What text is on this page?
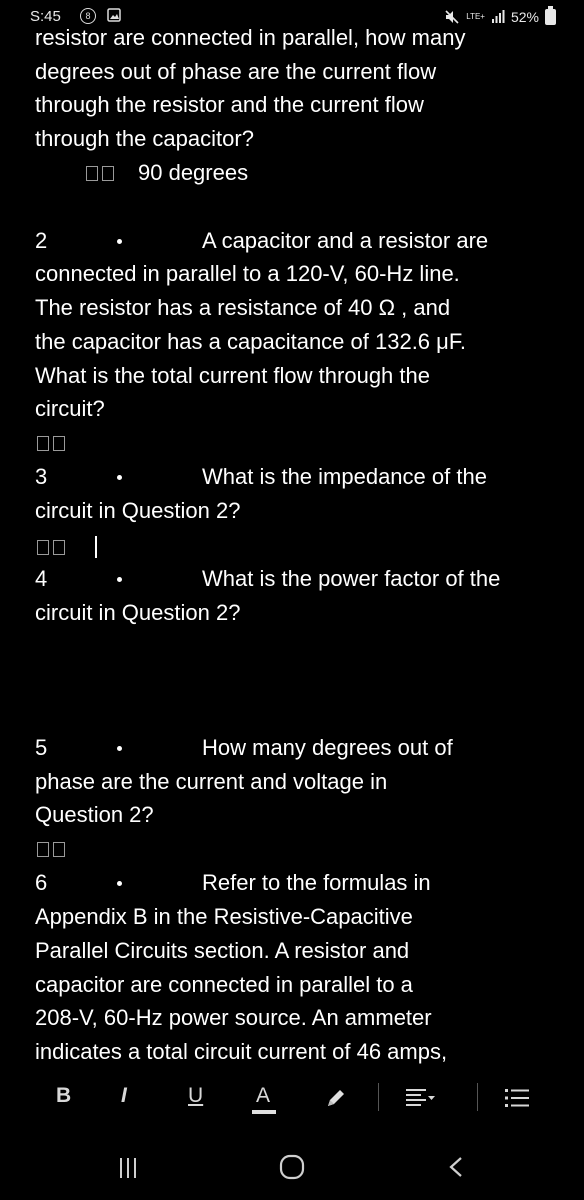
S:45	8	LTE+ 52%
resistor are connected in parallel, how many
degrees out of phase are the current flow
through the resistor and the current flow
through the capacitor?
90 degrees
2	A capacitor and a resistor are
connected in parallel to a 120-V, 60-Hz line.
The resistor has a resistance of 40 Ω , and
the capacitor has a capacitance of 132.6 μF.
What is the total current flow through the
circuit?
3	What is the impedance of the
circuit in Question 2?
4	What is the power factor of the
circuit in Question 2?
5	How many degrees out of
phase are the current and voltage in
Question 2?
6	Refer to the formulas in
Appendix B in the Resistive-Capacitive
Parallel Circuits section. A resistor and
capacitor are connected in parallel to a
208-V, 60-Hz power source. An ammeter
indicates a total circuit current of 46 amps,
B I	U	A
